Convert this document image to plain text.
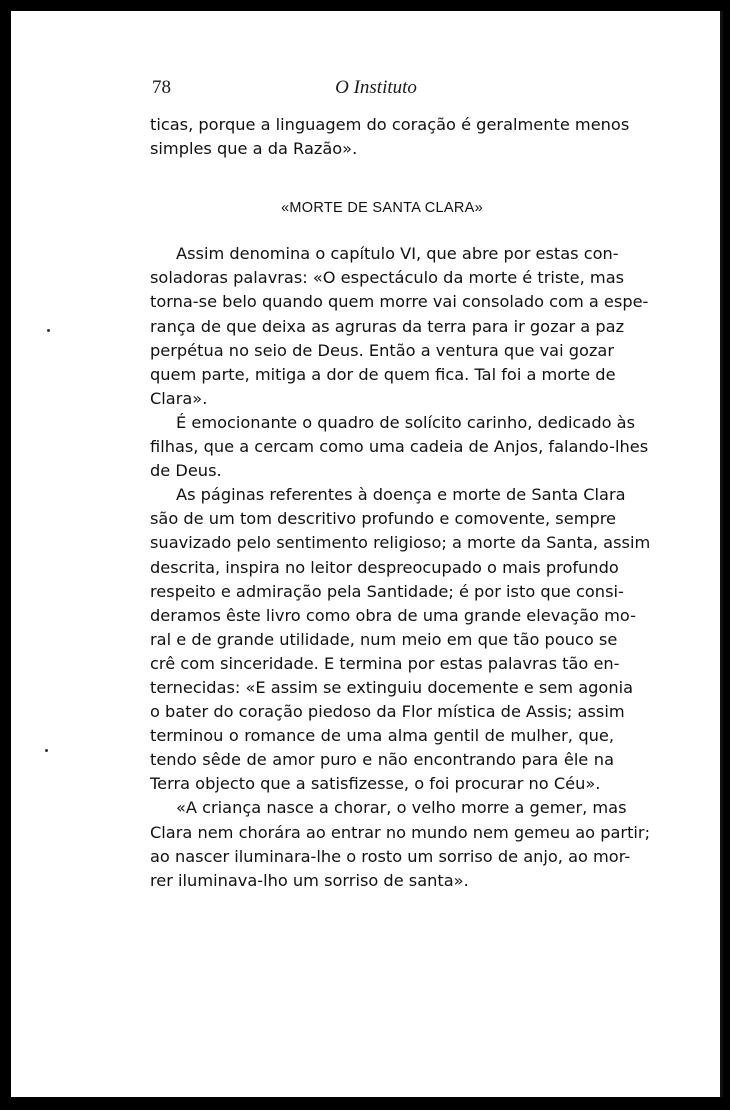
78	O Instituto

ticas, porque a linguagem do coração é geralmente menos
simples que a da Razão».

«MORTE DE SANTA CLARA»

Assim denomina o capítulo VI, que abre por estas con-
soladoras palavras: «O espectáculo da morte é triste, mas
torna-se belo quando quem morre vai consolado com a espe-
rança de que deixa as agruras da terra para ir gozar a paz
perpétua no seio de Deus. Então a ventura que vai gozar
quem parte, mitiga a dor de quem fica. Tal foi a morte de
Clara».

É emocionante o quadro de solícito carinho, dedicado às
filhas, que a cercam como uma cadeia de Anjos, falando-lhes
de Deus.

As páginas referentes à doença e morte de Santa Clara
são de um tom descritivo profundo e comovente, sempre
suavizado pelo sentimento religioso; a morte da Santa, assim
descrita, inspira no leitor despreocupado o mais profundo
respeito e admiração pela Santidade; é por isto que consi-
deramos êste livro como obra de uma grande elevação mo-
ral e de grande utilidade, num meio em que tão pouco se
crê com sinceridade. E termina por estas palavras tão en-
ternecidas: «E assim se extinguiu docemente e sem agonia
o bater do coração piedoso da Flor mística de Assis; assim
terminou o romance de uma alma gentil de mulher, que,
tendo sêde de amor puro e não encontrando para êle na
Terra objecto que a satisfizesse, o foi procurar no Céu».

«A criança nasce a chorar, o velho morre a gemer, mas
Clara nem chorára ao entrar no mundo nem gemeu ao partir;
ao nascer iluminara-lhe o rosto um sorriso de anjo, ao mor-
rer iluminava-lho um sorriso de santa».
